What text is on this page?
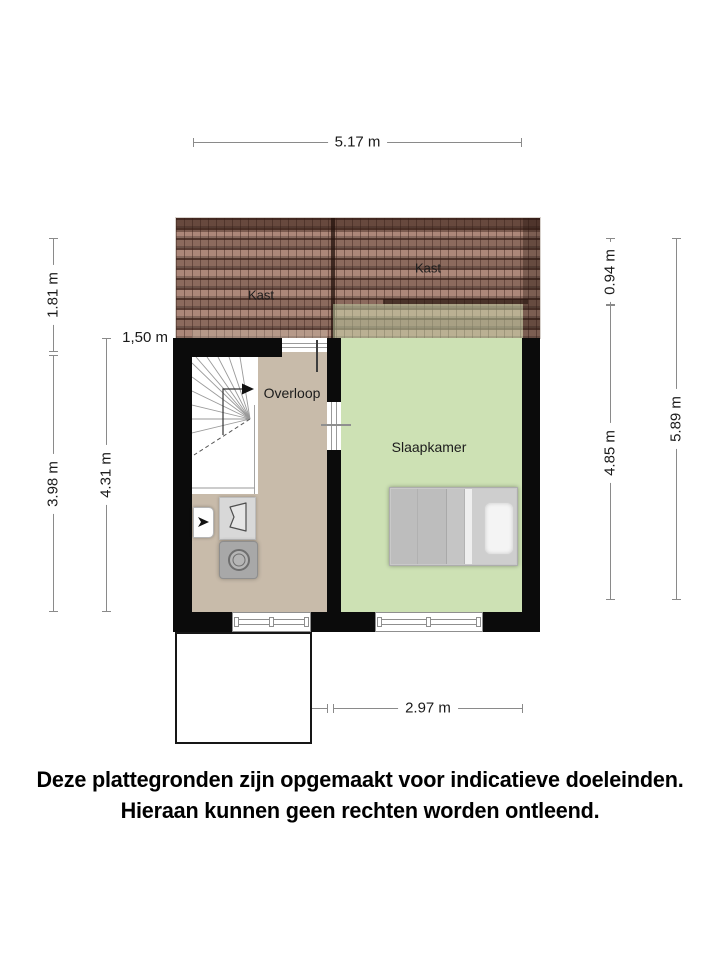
5.17 m
1.81 m
3.98 m 4.31 m
1,50 m
0.94 m
4.85 m
5.89 m
2.97 m
Kast
Kast
Overloop
Slaapkamer
Deze plattegronden zijn opgemaakt voor indicatieve doeleinden.
Hieraan kunnen geen rechten worden ontleend.
